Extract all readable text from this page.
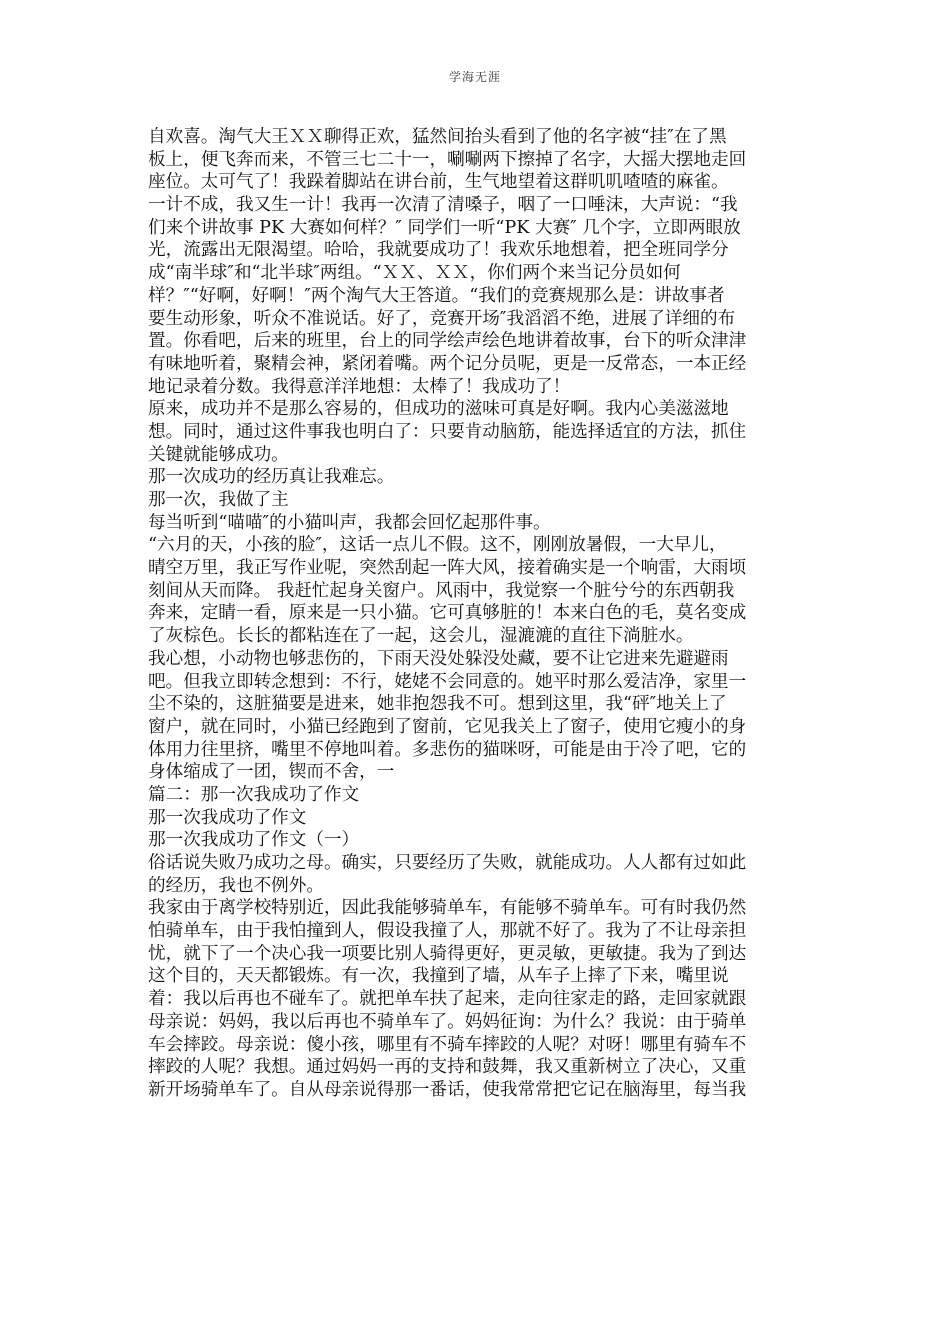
学海无涯
自欢喜。淘气大王ＸＸ聊得正欢，猛然间抬头看到了他的名字被“挂″在了黑
板上，便飞奔而来，不管三七二十一，唰唰两下擦掉了名字，大摇大摆地走回
座位。太可气了！我跺着脚站在讲台前，生气地望着这群叽叽喳喳的麻雀。
一计不成，我又生一计！我再一次清了清嗓子，咽了一口唾沫，大声说：“我
们来个讲故事 PK 大赛如何样？″ 同学们一听“PK 大赛″ 几个字，立即两眼放
光，流露出无限渴望。哈哈，我就要成功了！我欢乐地想着，把全班同学分
成“南半球″和“北半球″两组。“ＸＸ、ＸＸ，你们两个来当记分员如何
样？″“好啊，好啊！″两个淘气大王答道。“我们的竞赛规那么是：讲故事者
要生动形象，听众不准说话。好了，竞赛开场″我滔滔不绝，进展了详细的布
置。你看吧，后来的班里，台上的同学绘声绘色地讲着故事，台下的听众津津
有味地听着，聚精会神，紧闭着嘴。两个记分员呢，更是一反常态，一本正经
地记录着分数。我得意洋洋地想：太棒了！我成功了！
原来，成功并不是那么容易的，但成功的滋味可真是好啊。我内心美滋滋地
想。同时，通过这件事我也明白了：只要肯动脑筋，能选择适宜的方法，抓住
关键就能够成功。
那一次成功的经历真让我难忘。
那一次，我做了主
每当听到“喵喵″的小猫叫声，我都会回忆起那件事。
“六月的天，小孩的脸″，这话一点儿不假。这不，刚刚放暑假，一大早儿，
晴空万里，我正写作业呢，突然刮起一阵大风，接着确实是一个响雷，大雨顷
刻间从天而降。 我赶忙起身关窗户。风雨中，我觉察一个脏兮兮的东西朝我
奔来，定睛一看，原来是一只小猫。它可真够脏的！本来白色的毛，莫名变成
了灰棕色。长长的都粘连在了一起，这会儿，湿漉漉的直往下淌脏水。
我心想，小动物也够悲伤的，下雨天没处躲没处藏，要不让它进来先避避雨
吧。但我立即转念想到：不行，姥姥不会同意的。她平时那么爱洁净，家里一
尘不染的，这脏猫要是进来，她非抱怨我不可。想到这里，我“砰″地关上了
窗户，就在同时，小猫已经跑到了窗前，它见我关上了窗子，使用它瘦小的身
体用力往里挤，嘴里不停地叫着。多悲伤的猫咪呀，可能是由于冷了吧，它的
身体缩成了一团，锲而不舍，一
篇二：那一次我成功了作文
那一次我成功了作文
那一次我成功了作文（一）
俗话说失败乃成功之母。确实，只要经历了失败，就能成功。人人都有过如此
的经历，我也不例外。
我家由于离学校特别近，因此我能够骑单车，有能够不骑单车。可有时我仍然
怕骑单车，由于我怕撞到人，假设我撞了人，那就不好了。我为了不让母亲担
忧，就下了一个决心我一项要比别人骑得更好，更灵敏，更敏捷。我为了到达
这个目的，天天都锻炼。有一次，我撞到了墙，从车子上摔了下来，嘴里说
着：我以后再也不碰车了。就把单车扶了起来，走向往家走的路，走回家就跟
母亲说：妈妈，我以后再也不骑单车了。妈妈征询：为什么？我说：由于骑单
车会摔跤。母亲说：傻小孩，哪里有不骑车摔跤的人呢？对呀！哪里有骑车不
摔跤的人呢？我想。通过妈妈一再的支持和鼓舞，我又重新树立了决心，又重
新开场骑单车了。自从母亲说得那一番话，使我常常把它记在脑海里，每当我
